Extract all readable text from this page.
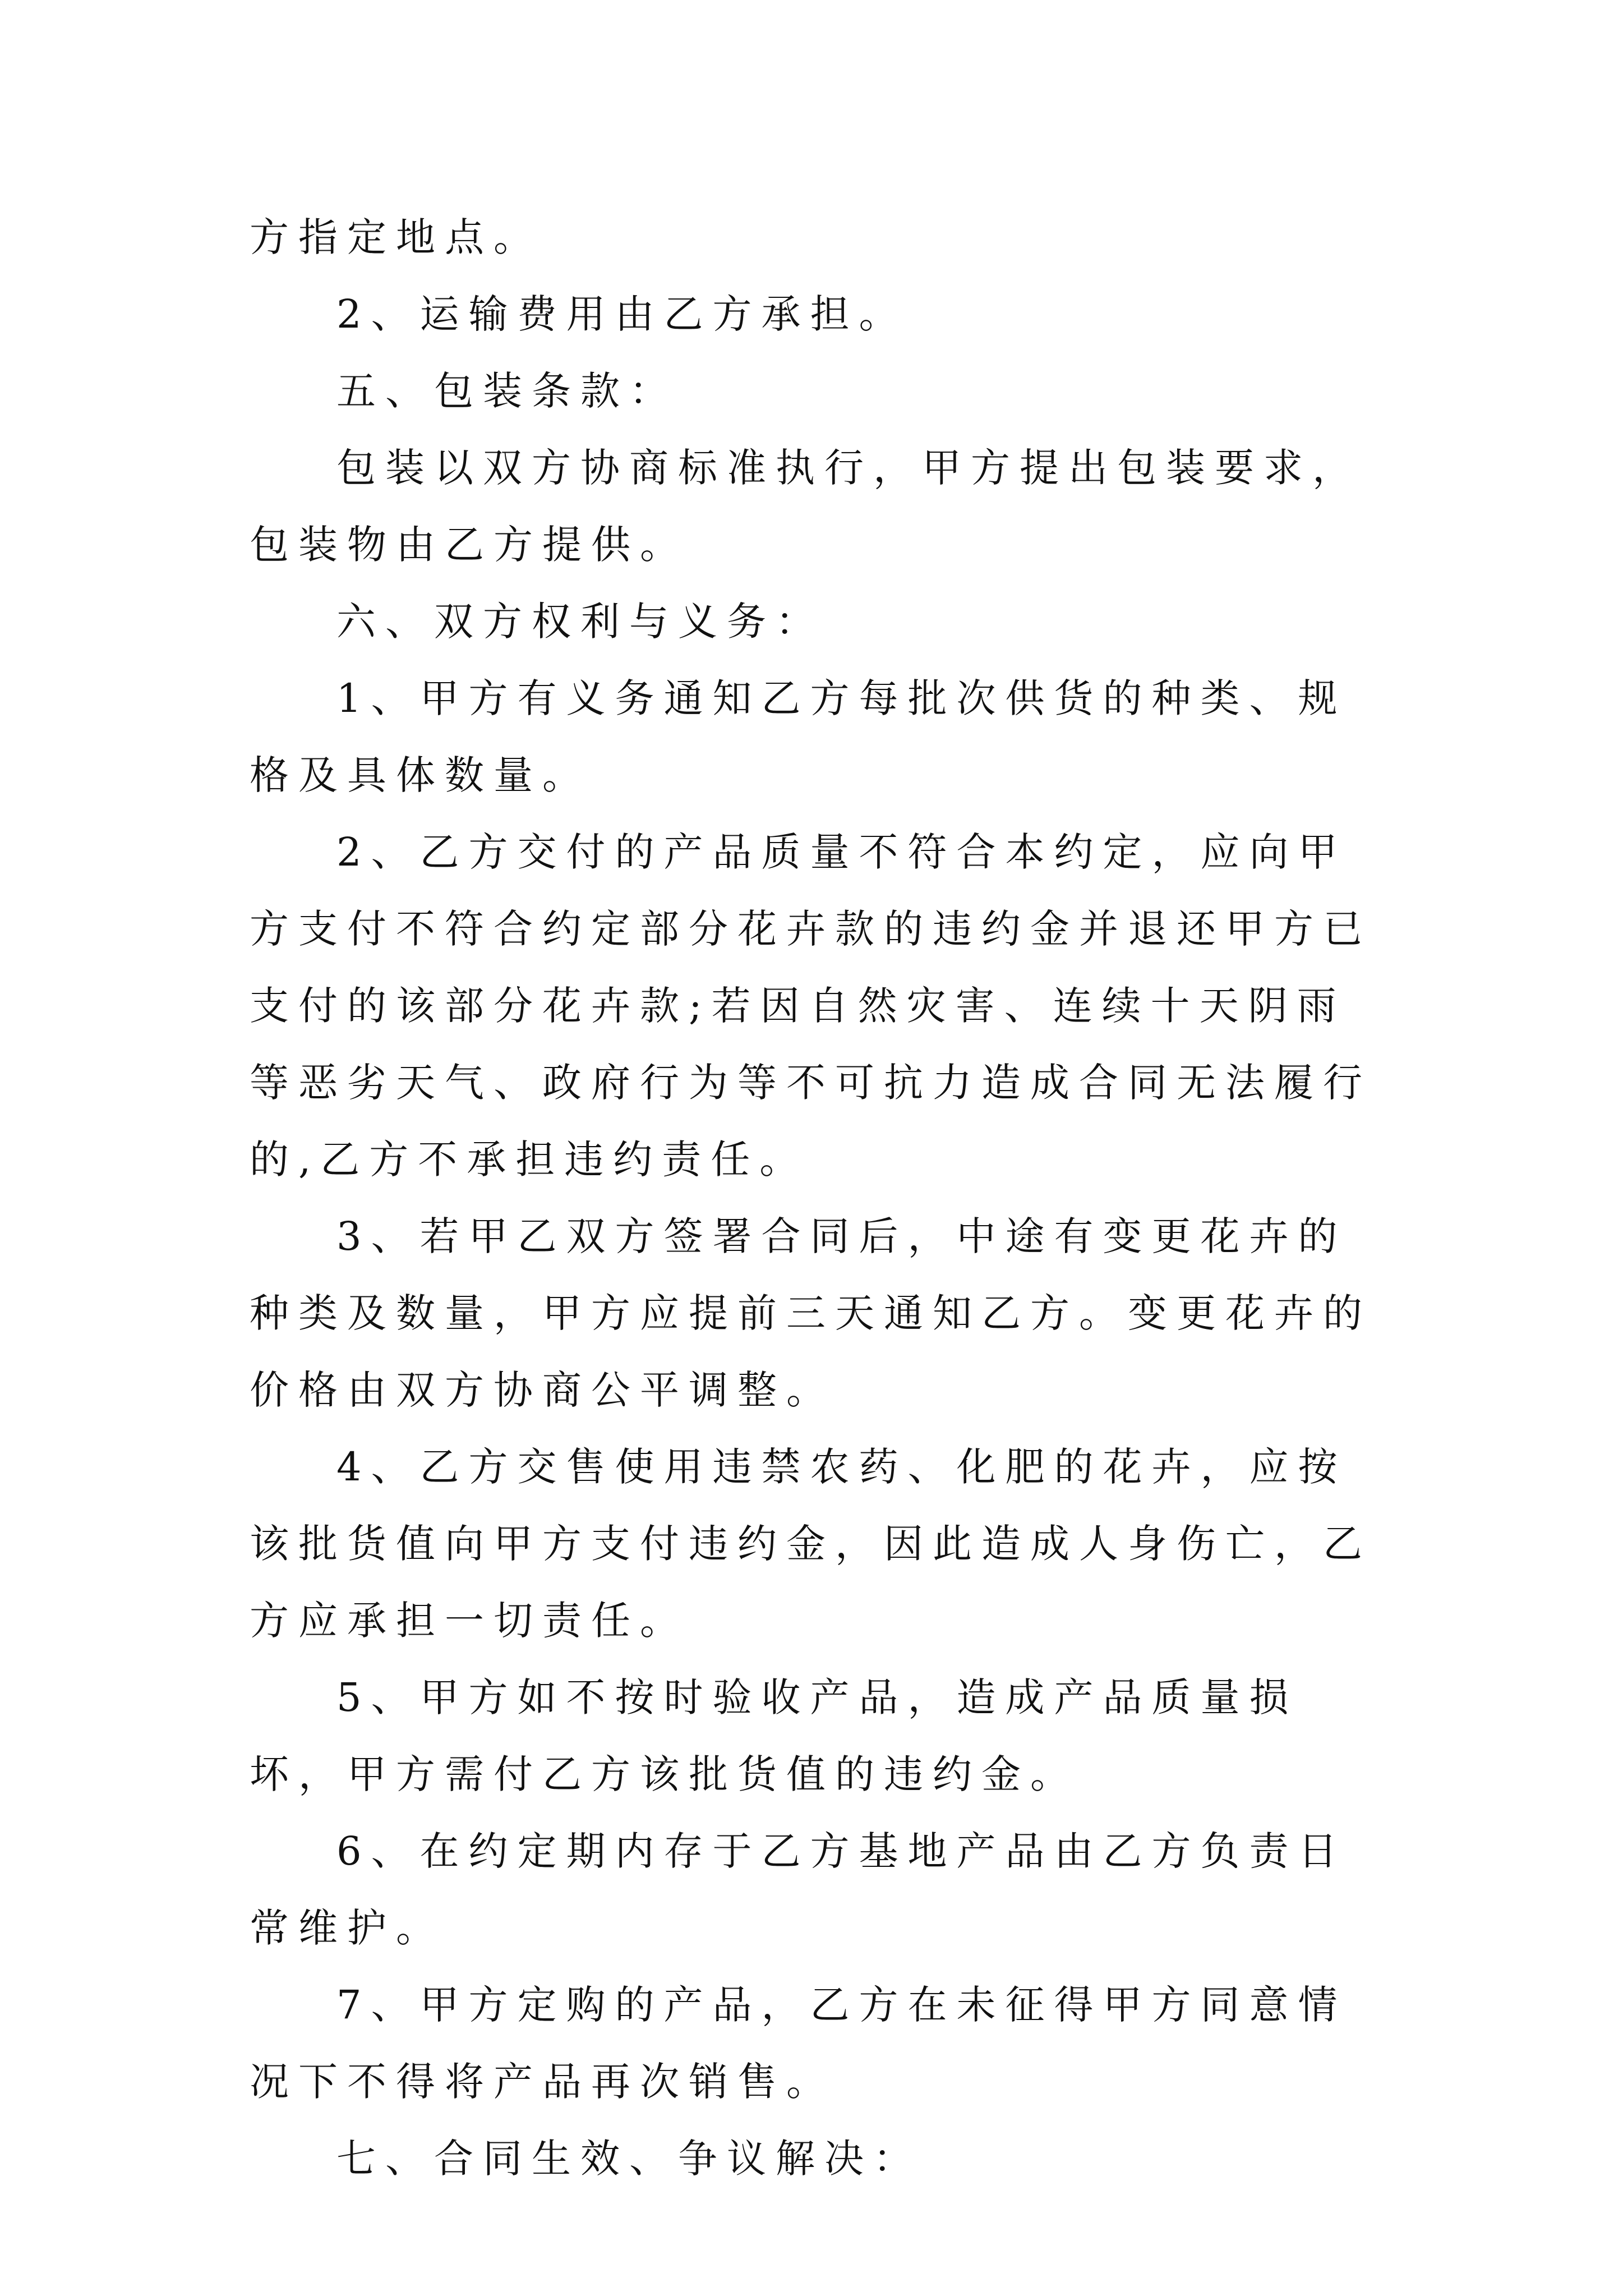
方指定地点。

2、运输费用由乙方承担。

五、包装条款：

包装以双方协商标准执行，甲方提出包装要求，包装物由乙方提供。

六、双方权利与义务：

1、甲方有义务通知乙方每批次供货的种类、规格及具体数量。

2、乙方交付的产品质量不符合本约定，应向甲方支付不符合约定部分花卉款的违约金并退还甲方已支付的该部分花卉款;若因自然灾害、连续十天阴雨等恶劣天气、政府行为等不可抗力造成合同无法履行的,乙方不承担违约责任。

3、若甲乙双方签署合同后，中途有变更花卉的种类及数量，甲方应提前三天通知乙方。变更花卉的价格由双方协商公平调整。

4、乙方交售使用违禁农药、化肥的花卉，应按该批货值向甲方支付违约金，因此造成人身伤亡，乙方应承担一切责任。

5、甲方如不按时验收产品，造成产品质量损坏，甲方需付乙方该批货值的违约金。

6、在约定期内存于乙方基地产品由乙方负责日常维护。

7、甲方定购的产品，乙方在未征得甲方同意情况下不得将产品再次销售。

七、合同生效、争议解决：
